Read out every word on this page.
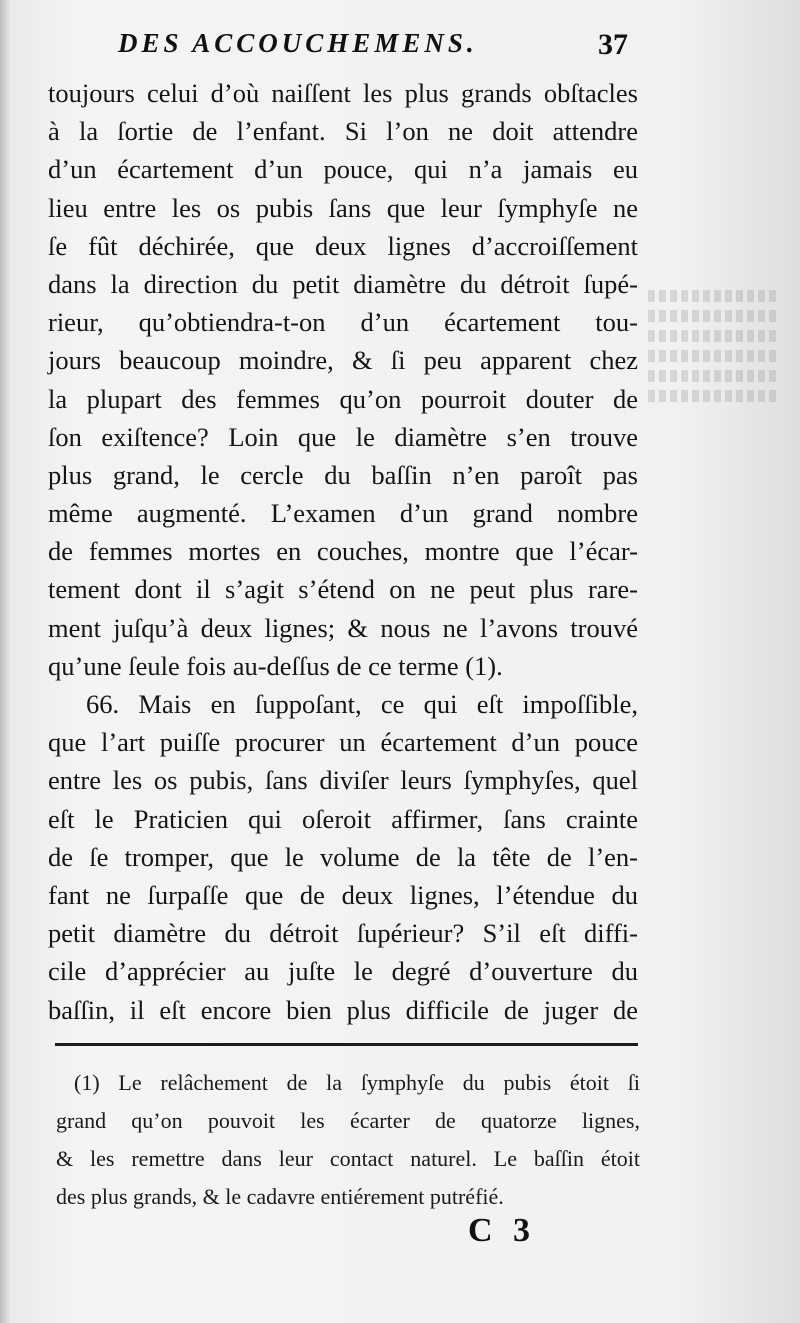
DES ACCOUCHEMENS.	37
toujours celui d’où naiſſent les plus grands obſtacles
à la ſortie de l’enfant. Si l’on ne doit attendre
d’un écartement d’un pouce, qui n’a jamais eu
lieu entre les os pubis ſans que leur ſymphyſe ne
ſe fût déchirée, que deux lignes d’accroiſſement
dans la direction du petit diamètre du détroit ſupé-
rieur, qu’obtiendra-t-on d’un écartement tou-
jours beaucoup moindre, & ſi peu apparent chez
la plupart des femmes qu’on pourroit douter de
ſon exiſtence? Loin que le diamètre s’en trouve
plus grand, le cercle du baſſin n’en paroît pas
même augmenté. L’examen d’un grand nombre
de femmes mortes en couches, montre que l’écar-
tement dont il s’agit s’étend on ne peut plus rare-
ment juſqu’à deux lignes; & nous ne l’avons trouvé
qu’une ſeule fois au-deſſus de ce terme (1).
66. Mais en ſuppoſant, ce qui eſt impoſſible,
que l’art puiſſe procurer un écartement d’un pouce
entre les os pubis, ſans diviſer leurs ſymphyſes, quel
eſt le Praticien qui oſeroit affirmer, ſans crainte
de ſe tromper, que le volume de la tête de l’en-
fant ne ſurpaſſe que de deux lignes, l’étendue du
petit diamètre du détroit ſupérieur? S’il eſt diffi-
cile d’apprécier au juſte le degré d’ouverture du
baſſin, il eſt encore bien plus difficile de juger de
(1) Le relâchement de la ſymphyſe du pubis étoit ſi
grand qu’on pouvoit les écarter de quatorze lignes,
& les remettre dans leur contact naturel. Le baſſin étoit
des plus grands, & le cadavre entiérement putréfié.
C 3
